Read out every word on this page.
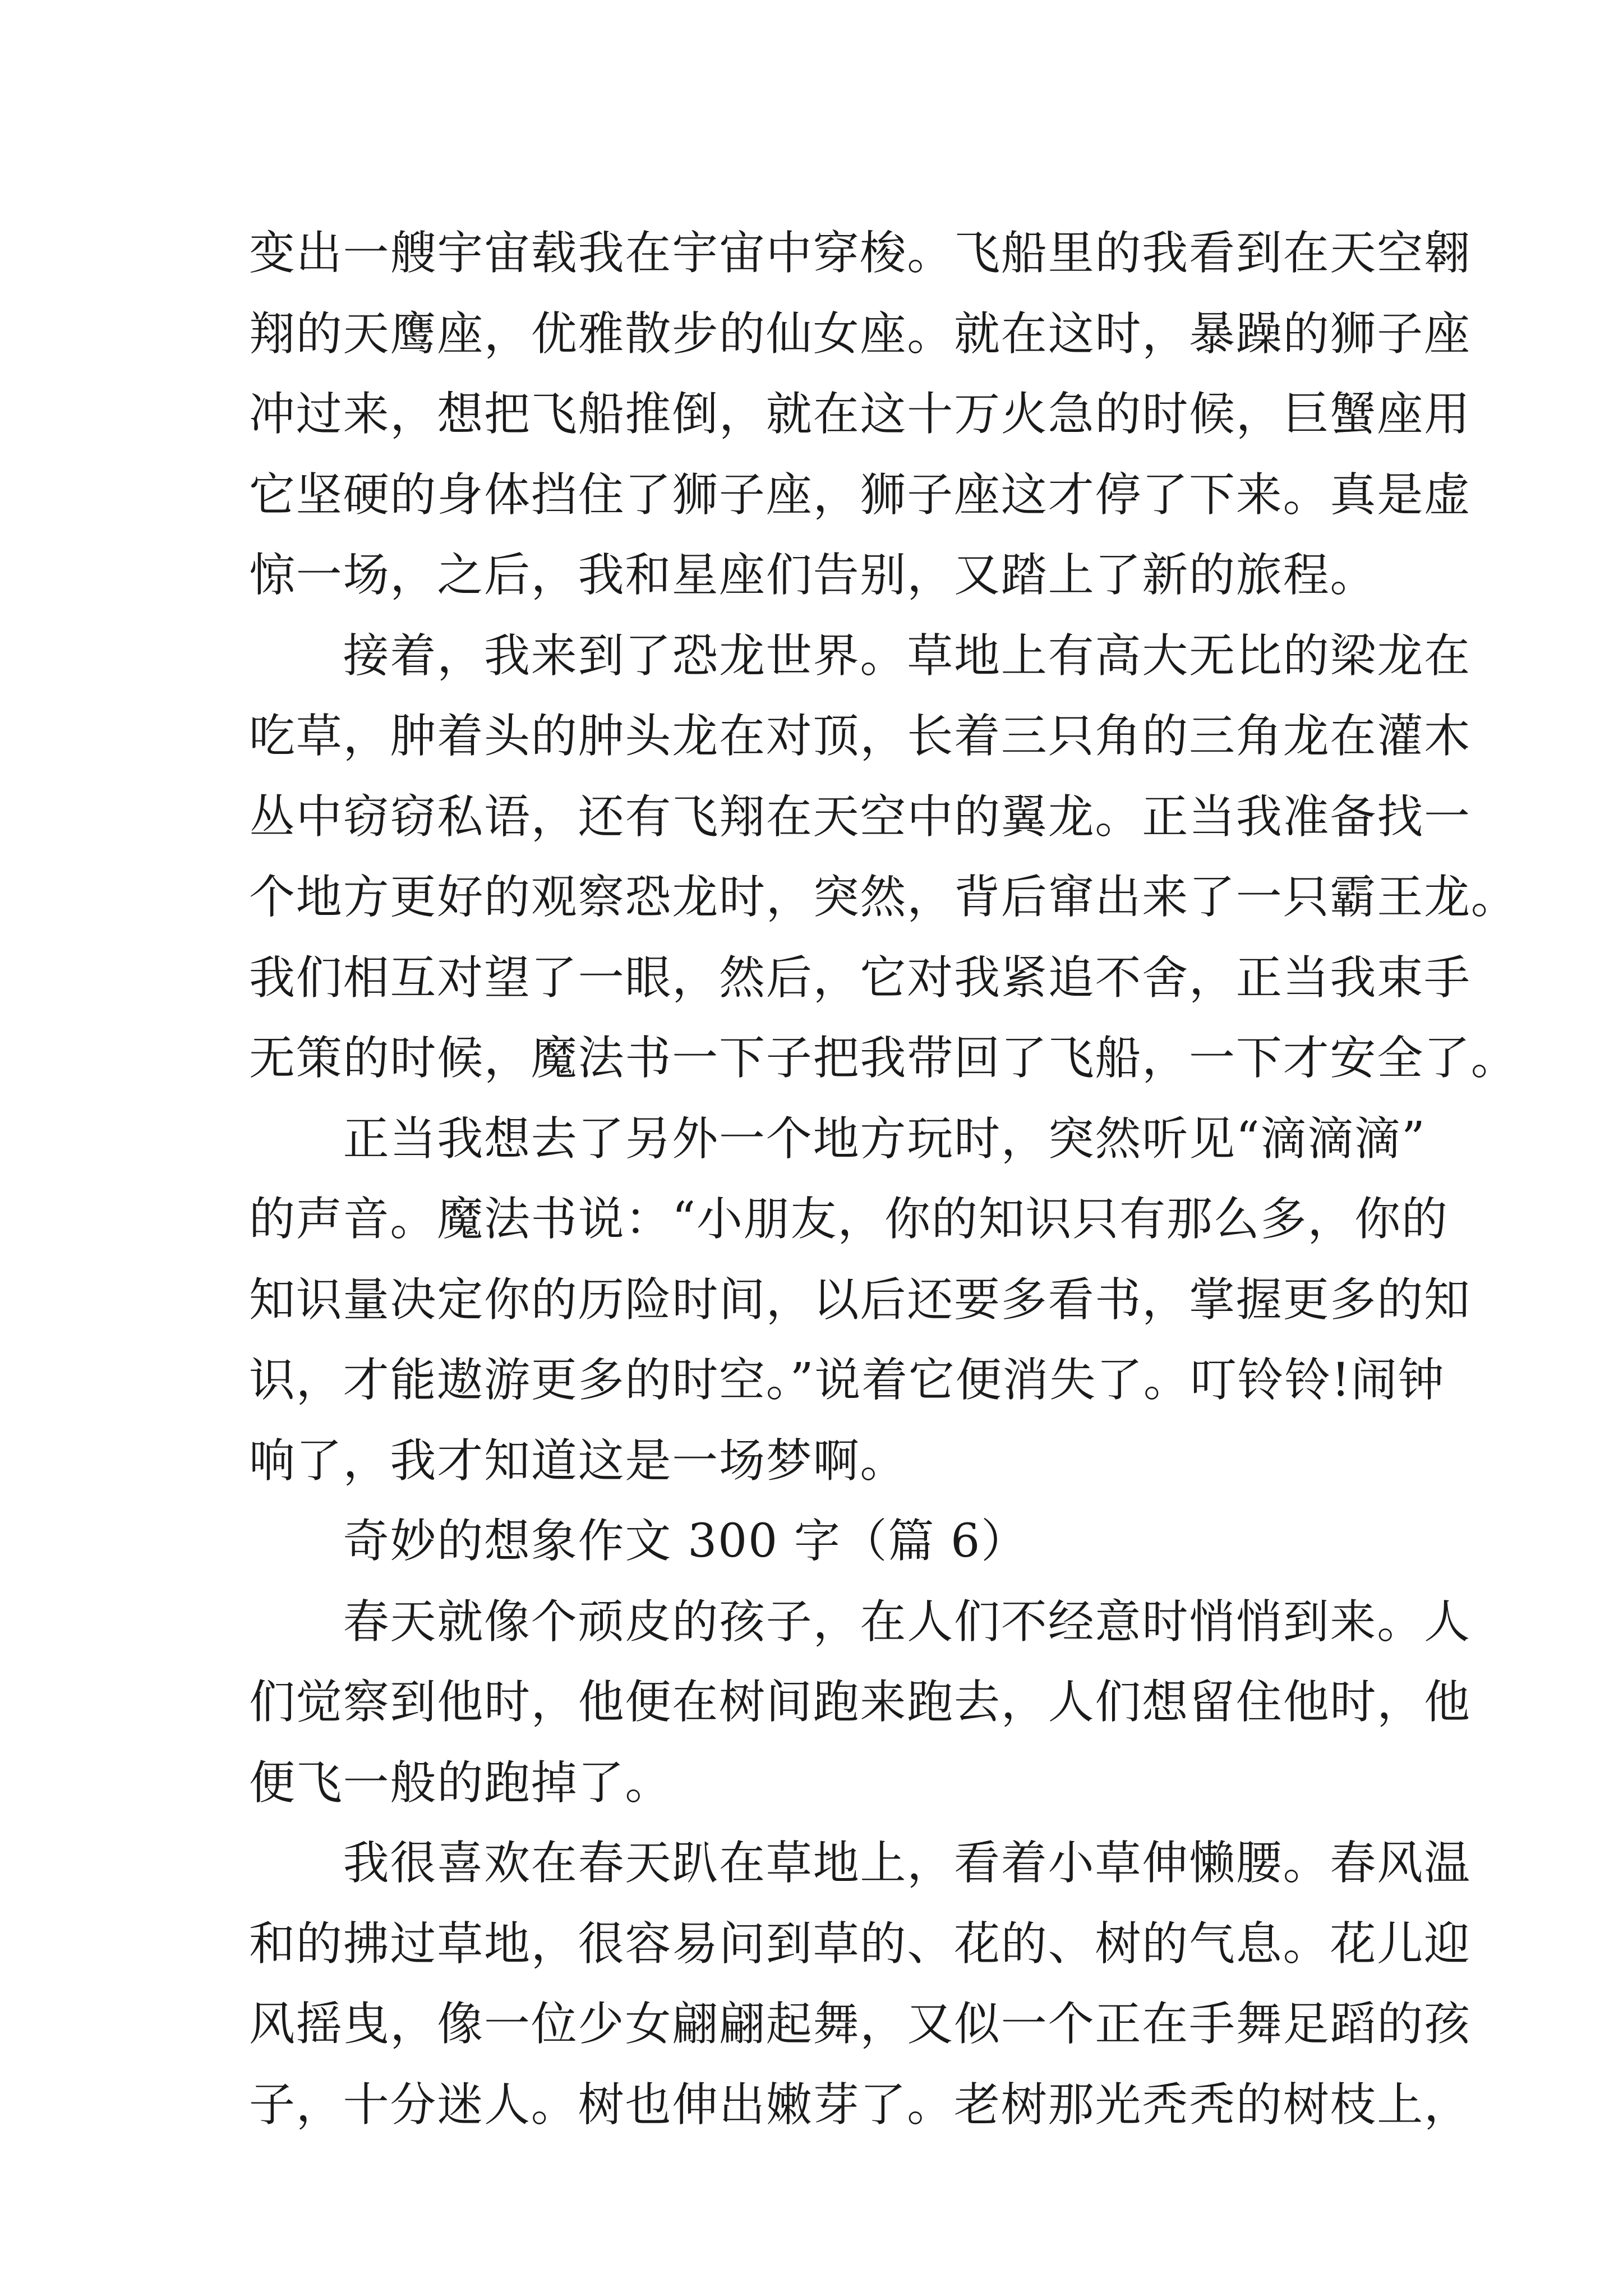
变出一艘宇宙载我在宇宙中穿梭。飞船里的我看到在天空翱
翔的天鹰座，优雅散步的仙女座。就在这时，暴躁的狮子座
冲过来，想把飞船推倒，就在这十万火急的时候，巨蟹座用
它坚硬的身体挡住了狮子座，狮子座这才停了下来。真是虚
惊一场，之后，我和星座们告别，又踏上了新的旅程。
　　接着，我来到了恐龙世界。草地上有高大无比的梁龙在
吃草，肿着头的肿头龙在对顶，长着三只角的三角龙在灌木
丛中窃窃私语，还有飞翔在天空中的翼龙。正当我准备找一
个地方更好的观察恐龙时，突然，背后窜出来了一只霸王龙。
我们相互对望了一眼，然后，它对我紧追不舍，正当我束手
无策的时候，魔法书一下子把我带回了飞船，一下才安全了。
　　正当我想去了另外一个地方玩时，突然听见“滴滴滴”
的声音。魔法书说：“小朋友，你的知识只有那么多，你的
知识量决定你的历险时间，以后还要多看书，掌握更多的知
识，才能遨游更多的时空。”说着它便消失了。叮铃铃!闹钟
响了，我才知道这是一场梦啊。
　　奇妙的想象作文 300 字（篇 6）
　　春天就像个顽皮的孩子，在人们不经意时悄悄到来。人
们觉察到他时，他便在树间跑来跑去，人们想留住他时，他
便飞一般的跑掉了。
　　我很喜欢在春天趴在草地上，看着小草伸懒腰。春风温
和的拂过草地，很容易问到草的、花的、树的气息。花儿迎
风摇曳，像一位少女翩翩起舞，又似一个正在手舞足蹈的孩
子，十分迷人。树也伸出嫩芽了。老树那光秃秃的树枝上，
